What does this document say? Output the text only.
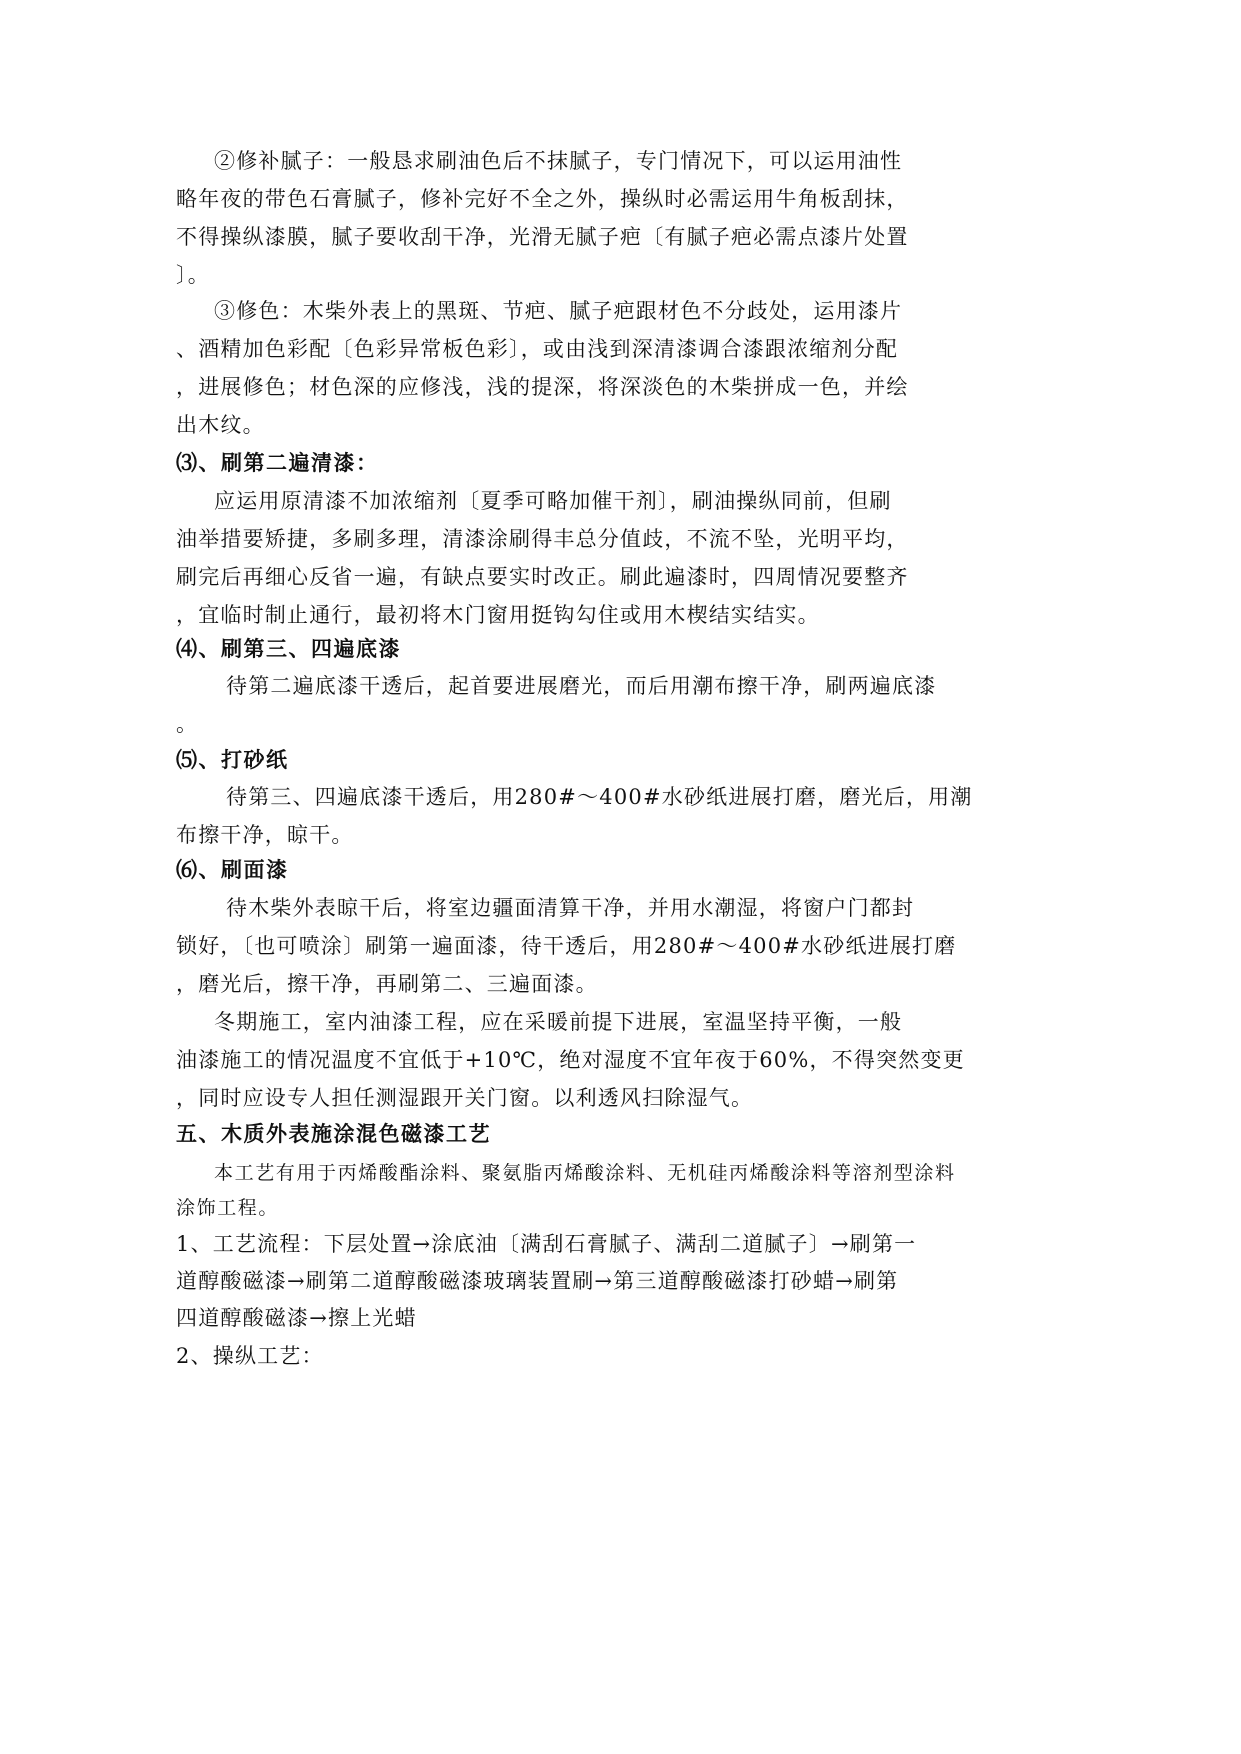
②修补腻子：一般恳求刷油色后不抹腻子，专门情况下，可以运用油性
略年夜的带色石膏腻子，修补完好不全之外，操纵时必需运用牛角板刮抹，
不得操纵漆膜，腻子要收刮干净，光滑无腻子疤〔有腻子疤必需点漆片处置
〕。
③修色：木柴外表上的黑斑、节疤、腻子疤跟材色不分歧处，运用漆片
、酒精加色彩配〔色彩异常板色彩〕，或由浅到深清漆调合漆跟浓缩剂分配
，进展修色；材色深的应修浅，浅的提深，将深淡色的木柴拼成一色，并绘
出木纹。
⑶、刷第二遍清漆：
应运用原清漆不加浓缩剂〔夏季可略加催干剂〕，刷油操纵同前，但刷
油举措要矫捷，多刷多理，清漆涂刷得丰总分值歧，不流不坠，光明平均，
刷完后再细心反省一遍，有缺点要实时改正。刷此遍漆时，四周情况要整齐
，宜临时制止通行，最初将木门窗用挺钩勾住或用木楔结实结实。
⑷、刷第三、四遍底漆
待第二遍底漆干透后，起首要进展磨光，而后用潮布擦干净，刷两遍底漆
。
⑸、打砂纸
待第三、四遍底漆干透后，用280#～400#水砂纸进展打磨，磨光后，用潮
布擦干净，晾干。
⑹、刷面漆
待木柴外表晾干后，将室边疆面清算干净，并用水潮湿，将窗户门都封
锁好，〔也可喷涂〕刷第一遍面漆，待干透后，用280#～400#水砂纸进展打磨
，磨光后，擦干净，再刷第二、三遍面漆。
冬期施工，室内油漆工程，应在采暖前提下进展，室温坚持平衡，一般
油漆施工的情况温度不宜低于+10℃，绝对湿度不宜年夜于60%，不得突然变更
，同时应设专人担任测湿跟开关门窗。以利透风扫除湿气。
五、木质外表施涂混色磁漆工艺
本工艺有用于丙烯酸酯涂料、聚氨脂丙烯酸涂料、无机硅丙烯酸涂料等溶剂型涂料
涂饰工程。
1、工艺流程：下层处置→涂底油〔满刮石膏腻子、满刮二道腻子〕→刷第一
道醇酸磁漆→刷第二道醇酸磁漆玻璃装置刷→第三道醇酸磁漆打砂蜡→刷第
四道醇酸磁漆→擦上光蜡
2、操纵工艺：
